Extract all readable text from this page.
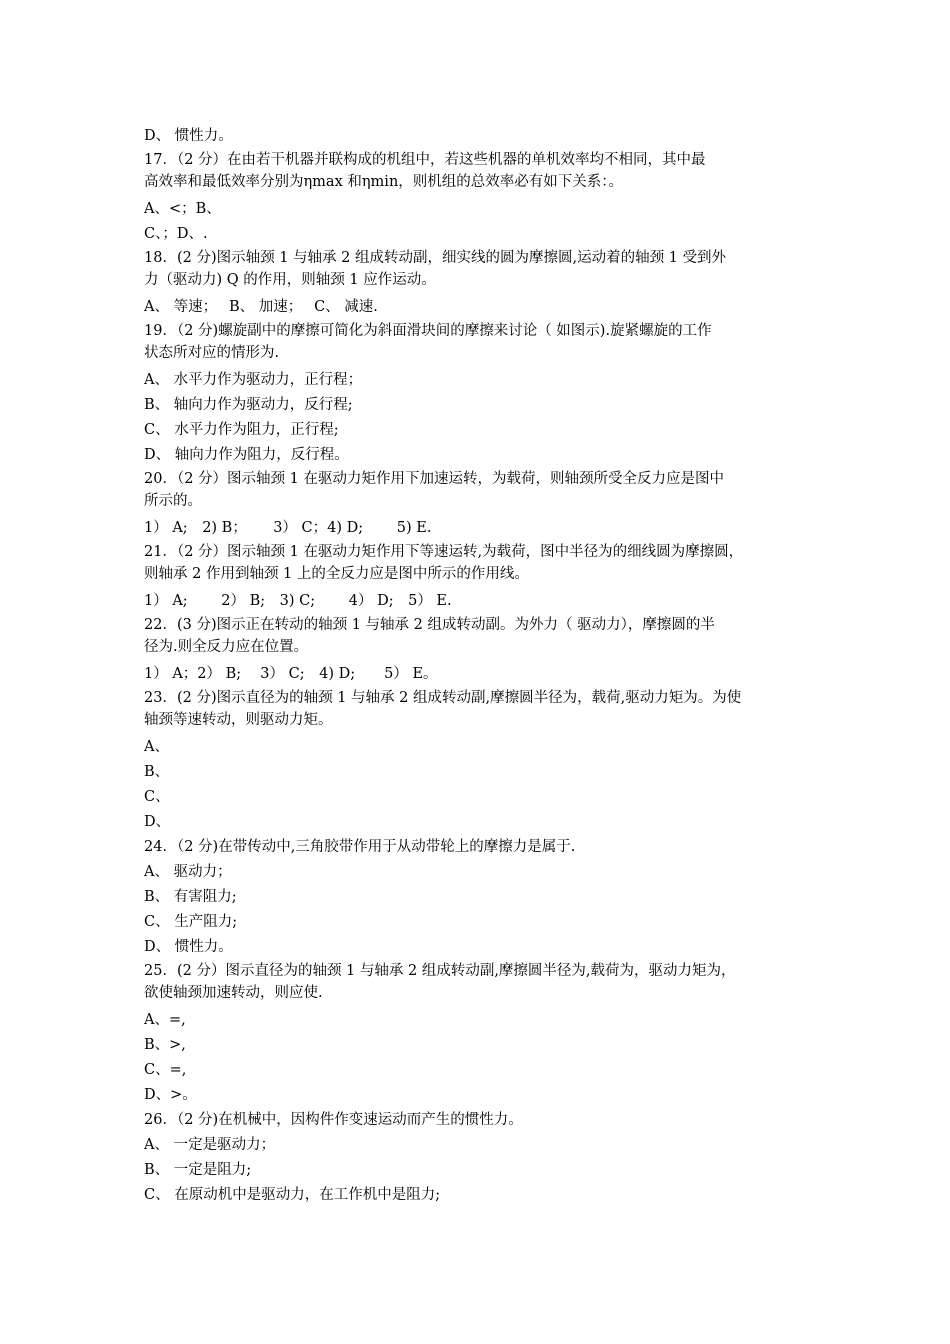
D、 惯性力。
17．（2 分）在由若干机器并联构成的机组中，若这些机器的单机效率均不相同，其中最
高效率和最低效率分别为ηmax 和ηmin，则机组的总效率必有如下关系：。
A、<；B、
C、；D、.
18．(2 分)图示轴颈 1 与轴承 2 组成转动副，细实线的圆为摩擦圆,运动着的轴颈 1 受到外
力（驱动力) Q 的作用，则轴颈 1 应作运动。
A、 等速；　 B、 加速；　 C、 减速.
19．（2 分)螺旋副中的摩擦可简化为斜面滑块间的摩擦来讨论（ 如图示).旋紧螺旋的工作
状态所对应的情形为.
A、 水平力作为驱动力，正行程；
B、 轴向力作为驱动力，反行程;
C、 水平力作为阻力，正行程;
D、 轴向力作为阻力，反行程。
20．（2 分）图示轴颈 1 在驱动力矩作用下加速运转，为载荷，则轴颈所受全反力应是图中
所示的。
1） A;　2) B；　　 3） C；4) D;　　 5) E.
21．（2 分）图示轴颈 1 在驱动力矩作用下等速运转,为载荷，图中半径为的细线圆为摩擦圆，
则轴承 2 作用到轴颈 1 上的全反力应是图中所示的作用线。
1） A;　　 2） B;　3) C;　　 4） D;　5） E.
22．(3 分)图示正在转动的轴颈 1 与轴承 2 组成转动副。为外力（ 驱动力），摩擦圆的半
径为.则全反力应在位置。
1） A；2） B;　 3） C;　4) D;　　5） E。
23．(2 分)图示直径为的轴颈 1 与轴承 2 组成转动副,摩擦圆半径为，载荷,驱动力矩为。为使
轴颈等速转动，则驱动力矩。
A、
B、
C、
D、
24．（2 分)在带传动中,三角胶带作用于从动带轮上的摩擦力是属于.
A、 驱动力；
B、 有害阻力;
C、 生产阻力;
D、 惯性力。
25．(2 分）图示直径为的轴颈 1 与轴承 2 组成转动副,摩擦圆半径为,载荷为，驱动力矩为，
欲使轴颈加速转动，则应使.
A、=,
B、>,
C、=,
D、>。
26．（2 分)在机械中，因构件作变速运动而产生的惯性力。
A、 一定是驱动力；
B、 一定是阻力;
C、 在原动机中是驱动力，在工作机中是阻力;
